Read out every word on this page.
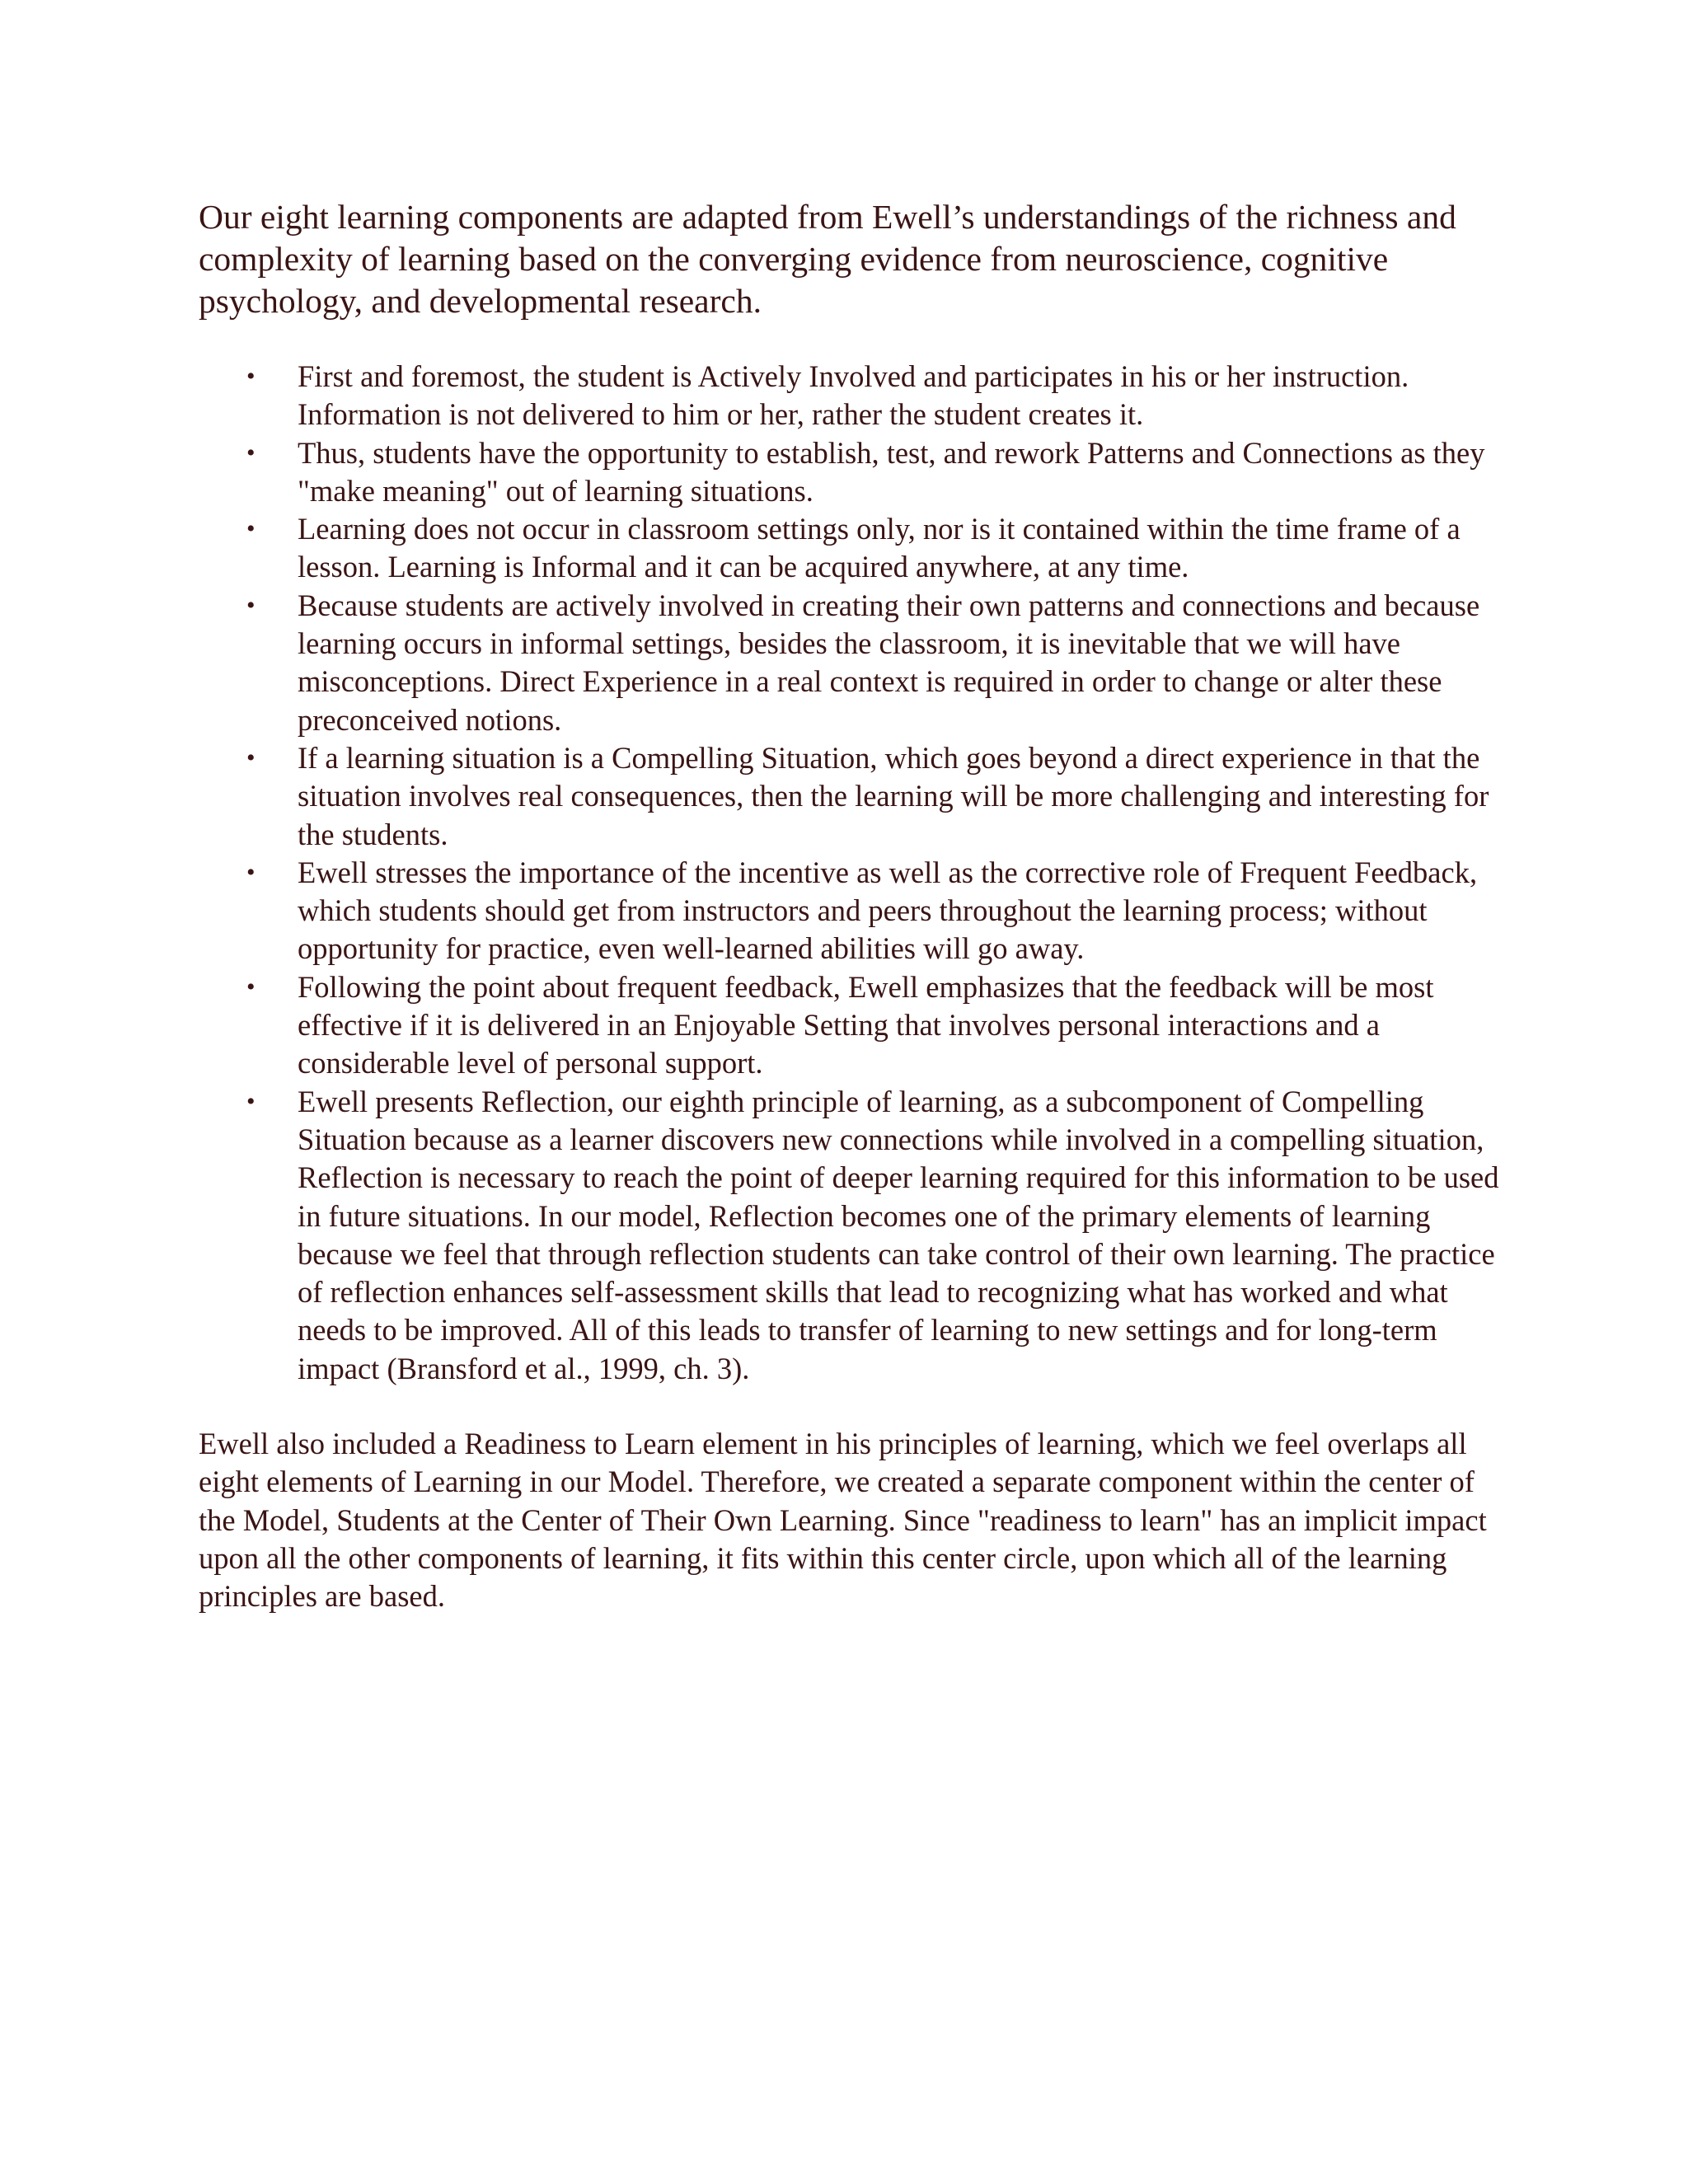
Our eight learning components are adapted from Ewell’s understandings of the richness and complexity of learning based on the converging evidence from neuroscience, cognitive psychology, and developmental research.

• First and foremost, the student is Actively Involved and participates in his or her instruction. Information is not delivered to him or her, rather the student creates it.
• Thus, students have the opportunity to establish, test, and rework Patterns and Connections as they "make meaning" out of learning situations.
• Learning does not occur in classroom settings only, nor is it contained within the time frame of a lesson. Learning is Informal and it can be acquired anywhere, at any time.
• Because students are actively involved in creating their own patterns and connections and because learning occurs in informal settings, besides the classroom, it is inevitable that we will have misconceptions. Direct Experience in a real context is required in order to change or alter these preconceived notions.
• If a learning situation is a Compelling Situation, which goes beyond a direct experience in that the situation involves real consequences, then the learning will be more challenging and interesting for the students.
• Ewell stresses the importance of the incentive as well as the corrective role of Frequent Feedback, which students should get from instructors and peers throughout the learning process; without opportunity for practice, even well-learned abilities will go away.
• Following the point about frequent feedback, Ewell emphasizes that the feedback will be most effective if it is delivered in an Enjoyable Setting that involves personal interactions and a considerable level of personal support.
• Ewell presents Reflection, our eighth principle of learning, as a subcomponent of Compelling Situation because as a learner discovers new connections while involved in a compelling situation, Reflection is necessary to reach the point of deeper learning required for this information to be used in future situations. In our model, Reflection becomes one of the primary elements of learning because we feel that through reflection students can take control of their own learning. The practice of reflection enhances self-assessment skills that lead to recognizing what has worked and what needs to be improved. All of this leads to transfer of learning to new settings and for long-term impact (Bransford et al., 1999, ch. 3).

Ewell also included a Readiness to Learn element in his principles of learning, which we feel overlaps all eight elements of Learning in our Model. Therefore, we created a separate component within the center of the Model, Students at the Center of Their Own Learning. Since "readiness to learn" has an implicit impact upon all the other components of learning, it fits within this center circle, upon which all of the learning principles are based.
